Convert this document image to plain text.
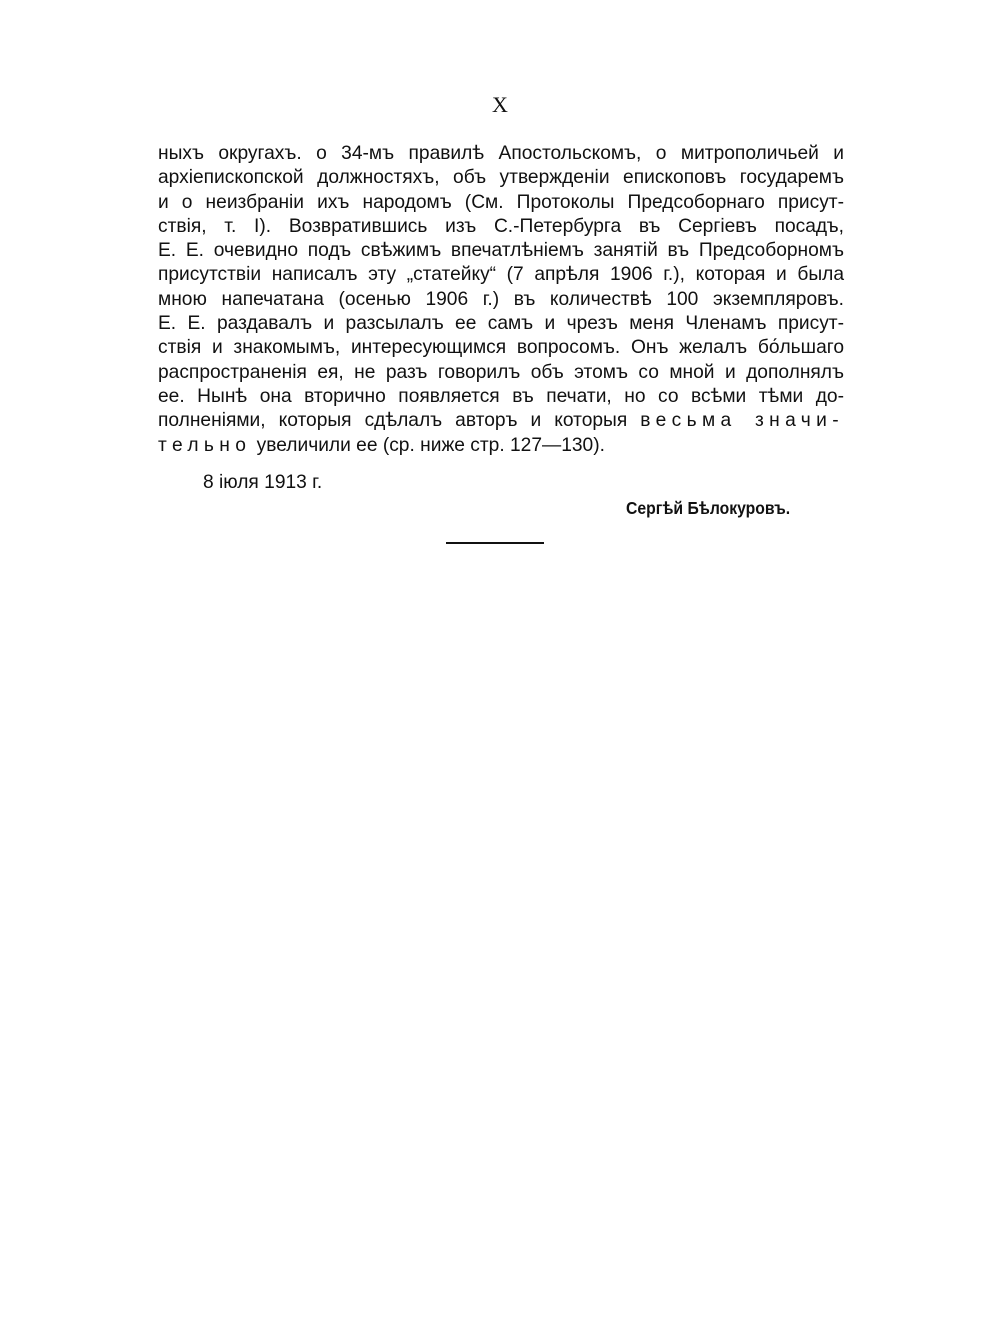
X
ныхъ округахъ. о 34-мъ правилѣ Апостольскомъ, о митрополичьей и
архіепископской должностяхъ, объ утвержденіи епископовъ государемъ
и о неизбраніи ихъ народомъ (См. Протоколы Предсоборнаго присут-
ствія, т. I). Возвратившись изъ С.-Петербурга въ Сергіевъ посадъ,
Е. Е. очевидно подъ свѣжимъ впечатлѣніемъ занятій въ Предсоборномъ
присутствіи написалъ эту „статейку“ (7 апрѣля 1906 г.), которая и была
мною напечатана (осенью 1906 г.) въ количествѣ 100 экземпляровъ.
Е. Е. раздавалъ и разсылалъ ее самъ и чрезъ меня Членамъ присут-
ствія и знакомымъ, интересующимся вопросомъ. Онъ желалъ бо́льшаго
распространенія ея, не разъ говорилъ объ этомъ со мной и дополнялъ
ее. Нынѣ она вторично появляется въ печати, но со всѣми тѣми до-
полненіями, которыя сдѣлалъ авторъ и которыя весьма значи-
тельно увеличили ее (ср. ниже стр. 127—130).
8 іюля 1913 г.
Сергѣй Бѣлокуровъ.
